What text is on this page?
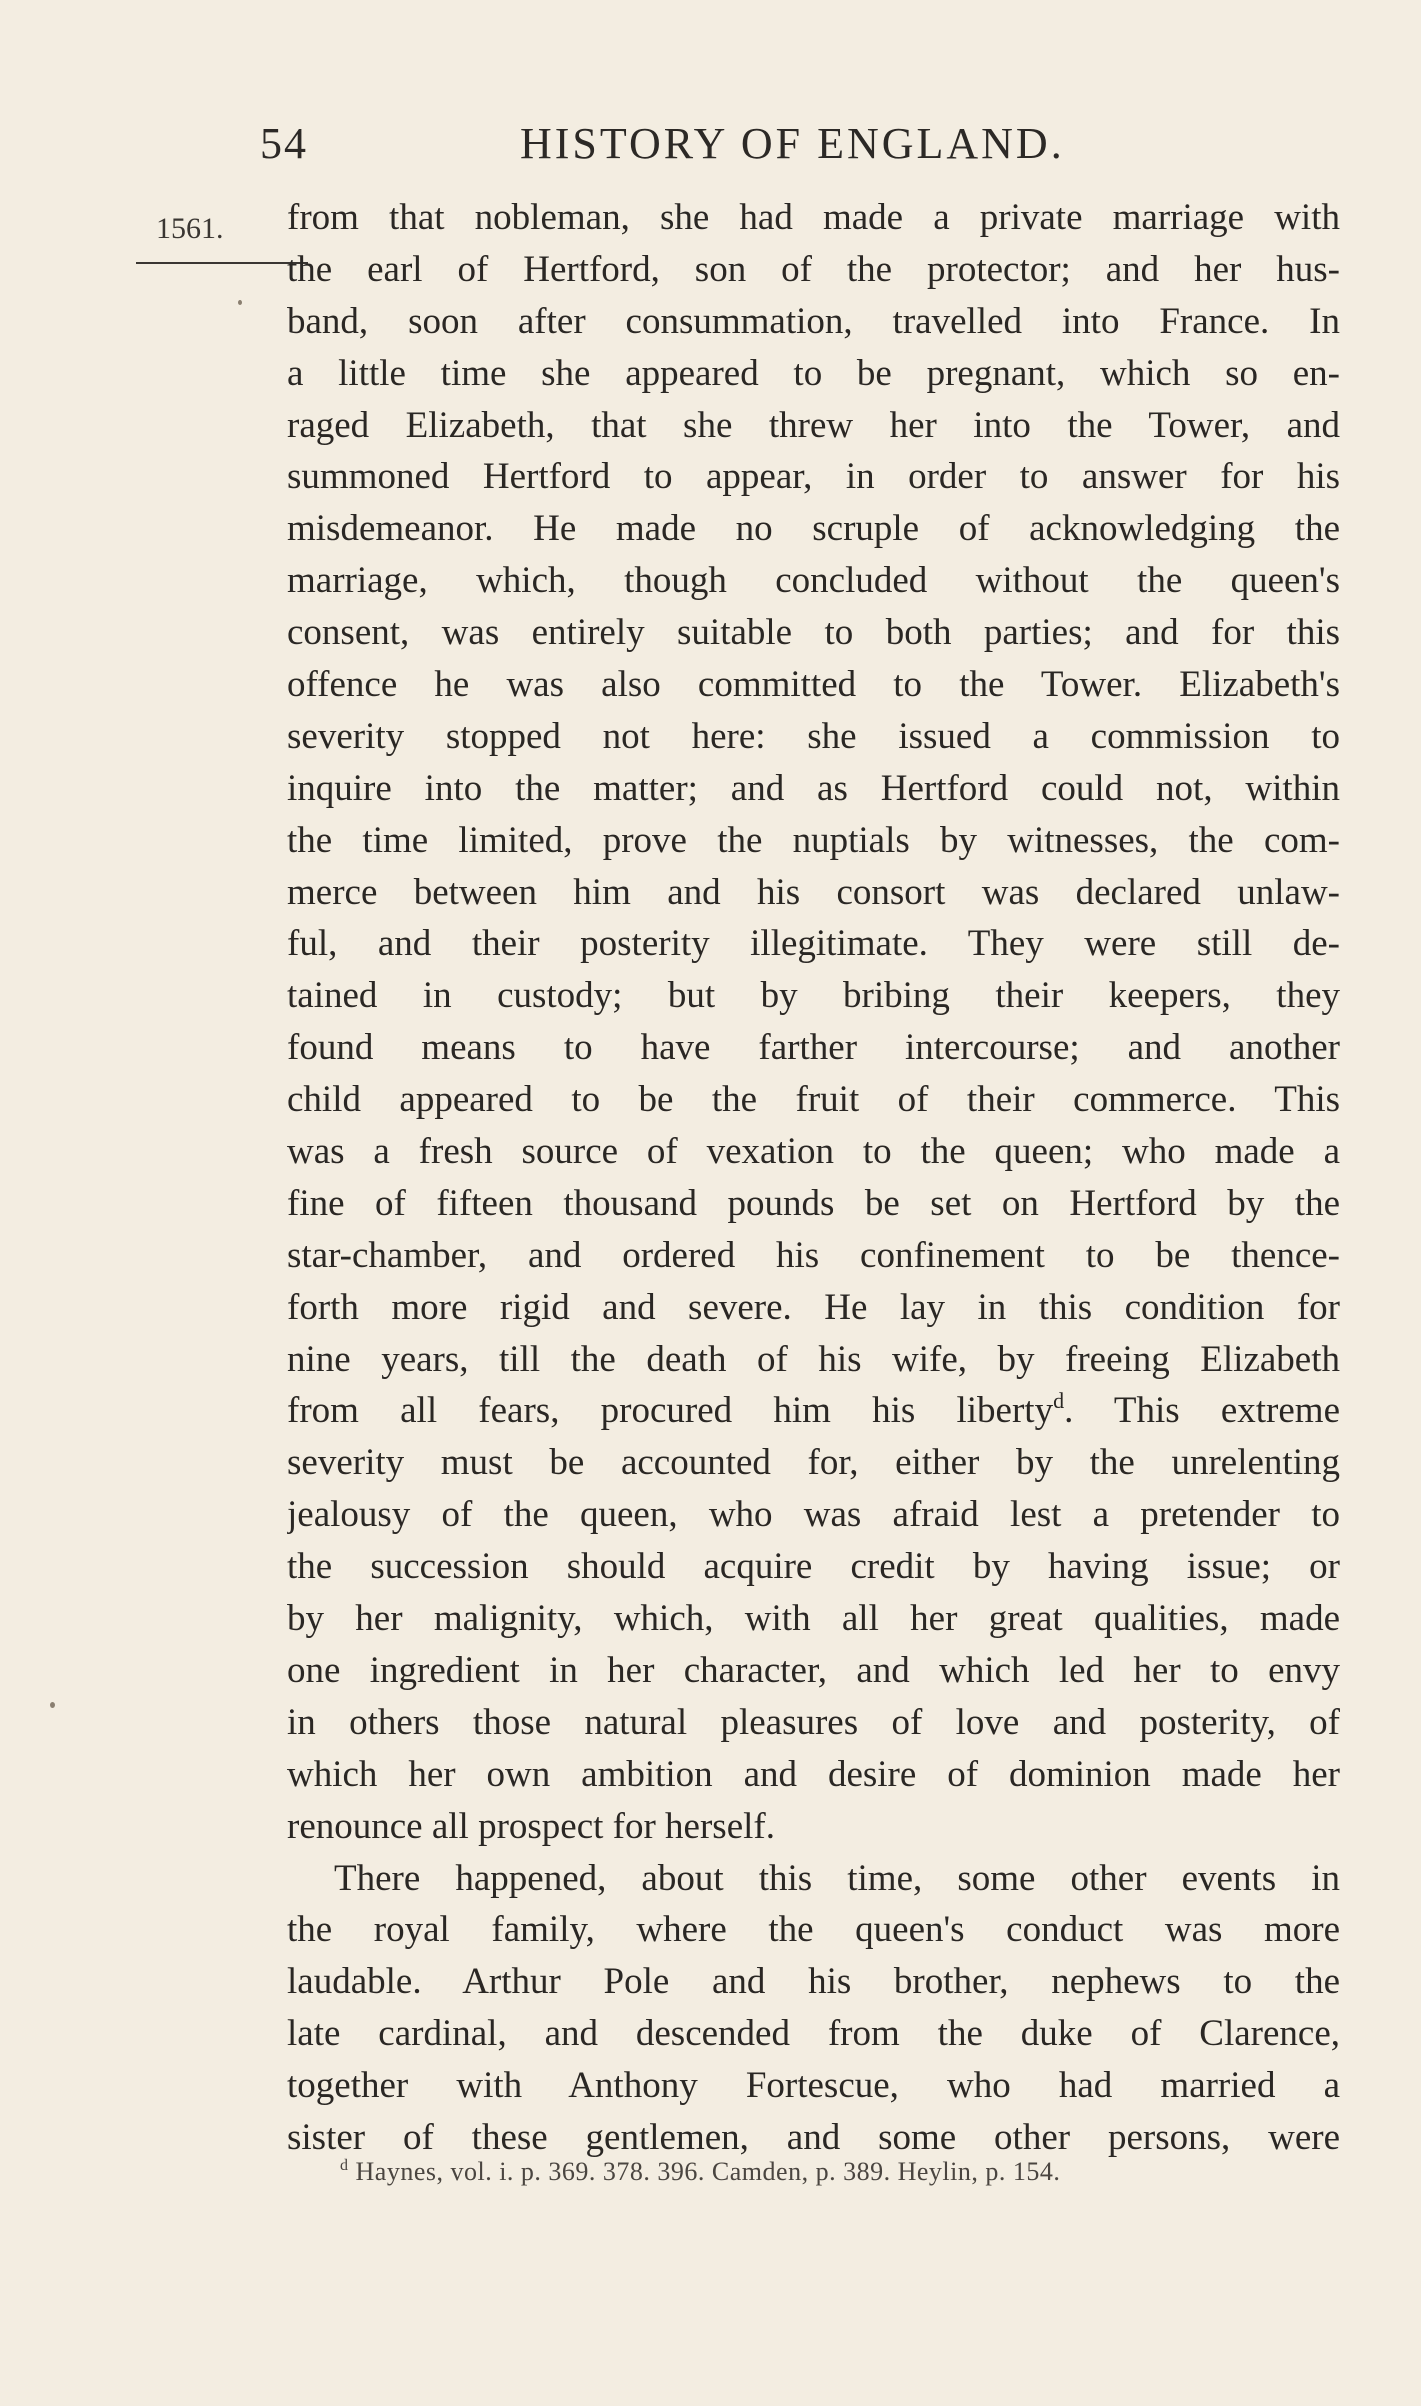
54	HISTORY OF ENGLAND.
1561. from that nobleman, she had made a private marriage with
the earl of Hertford, son of the protector; and her hus-
band, soon after consummation, travelled into France. In
a little time she appeared to be pregnant, which so en-
raged Elizabeth, that she threw her into the Tower, and
summoned Hertford to appear, in order to answer for his
misdemeanor. He made no scruple of acknowledging the
marriage, which, though concluded without the queen's
consent, was entirely suitable to both parties; and for this
offence he was also committed to the Tower. Elizabeth's
severity stopped not here: she issued a commission to
inquire into the matter; and as Hertford could not, within
the time limited, prove the nuptials by witnesses, the com-
merce between him and his consort was declared unlaw-
ful, and their posterity illegitimate. They were still de-
tained in custody; but by bribing their keepers, they
found means to have farther intercourse; and another
child appeared to be the fruit of their commerce. This
was a fresh source of vexation to the queen; who made a
fine of fifteen thousand pounds be set on Hertford by the
star-chamber, and ordered his confinement to be thence-
forth more rigid and severe. He lay in this condition for
nine years, till the death of his wife, by freeing Elizabeth
from all fears, procured him his liberty$^d$. This extreme
severity must be accounted for, either by the unrelenting
jealousy of the queen, who was afraid lest a pretender to
the succession should acquire credit by having issue; or
by her malignity, which, with all her great qualities, made
one ingredient in her character, and which led her to envy
in others those natural pleasures of love and posterity, of
which her own ambition and desire of dominion made her
renounce all prospect for herself.
There happened, about this time, some other events in
the royal family, where the queen's conduct was more
laudable. Arthur Pole and his brother, nephews to the
late cardinal, and descended from the duke of Clarence,
together with Anthony Fortescue, who had married a
sister of these gentlemen, and some other persons, were
$^d$ Haynes, vol. i. p. 369. 378. 396. Camden, p. 389. Heylin, p. 154.
